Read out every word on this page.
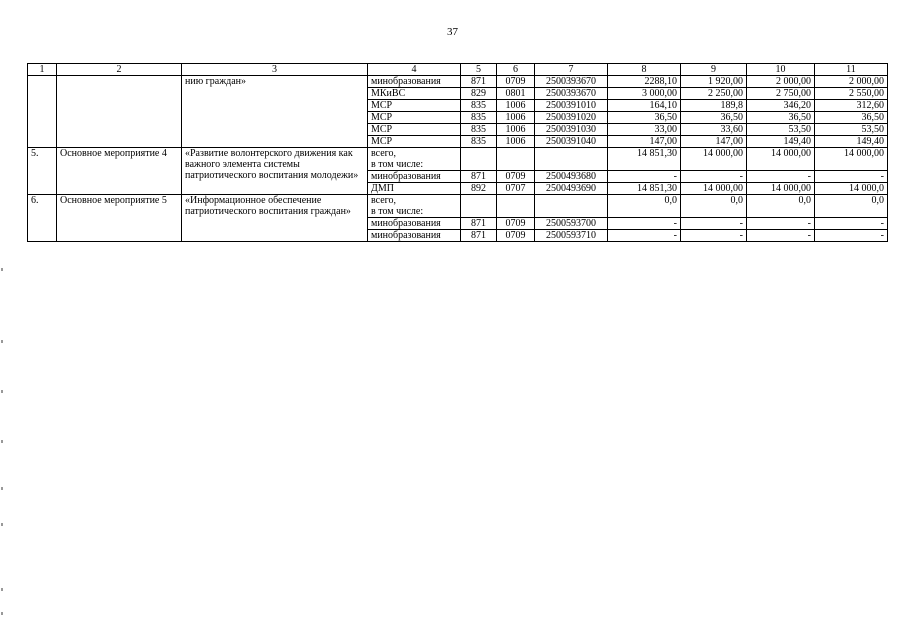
37
1	2	3	4	5	6	7	8	9	10	11
		нию граждан»	минобразования	871	0709	2500393670	2288,10	1 920,00	2 000,00	2 000,00
			МКиВС	829	0801	2500393670	3 000,00	2 250,00	2 750,00	2 550,00
			МСР	835	1006	2500391010	164,10	189,8	346,20	312,60
			МСР	835	1006	2500391020	36,50	36,50	36,50	36,50
			МСР	835	1006	2500391030	33,00	33,60	53,50	53,50
			МСР	835	1006	2500391040	147,00	147,00	149,40	149,40
5.	Основное мероприятие 4	«Развитие волонтерского движения как важного элемента системы патриотического воспитания молодежи»	всего,				14 851,30	14 000,00	14 000,00	14 000,00
			в том числе:							
			минобразования	871	0709	2500493680	-	-	-	-
			ДМП	892	0707	2500493690	14 851,30	14 000,00	14 000,00	14 000,0
6.	Основное мероприятие 5	«Информационное обеспечение патриотического воспитания граждан»	всего,				0,0	0,0	0,0	0,0
			в том числе:							
			минобразования	871	0709	2500593700	-	-	-	-
			минобразования	871	0709	2500593710	-	-	-	-
